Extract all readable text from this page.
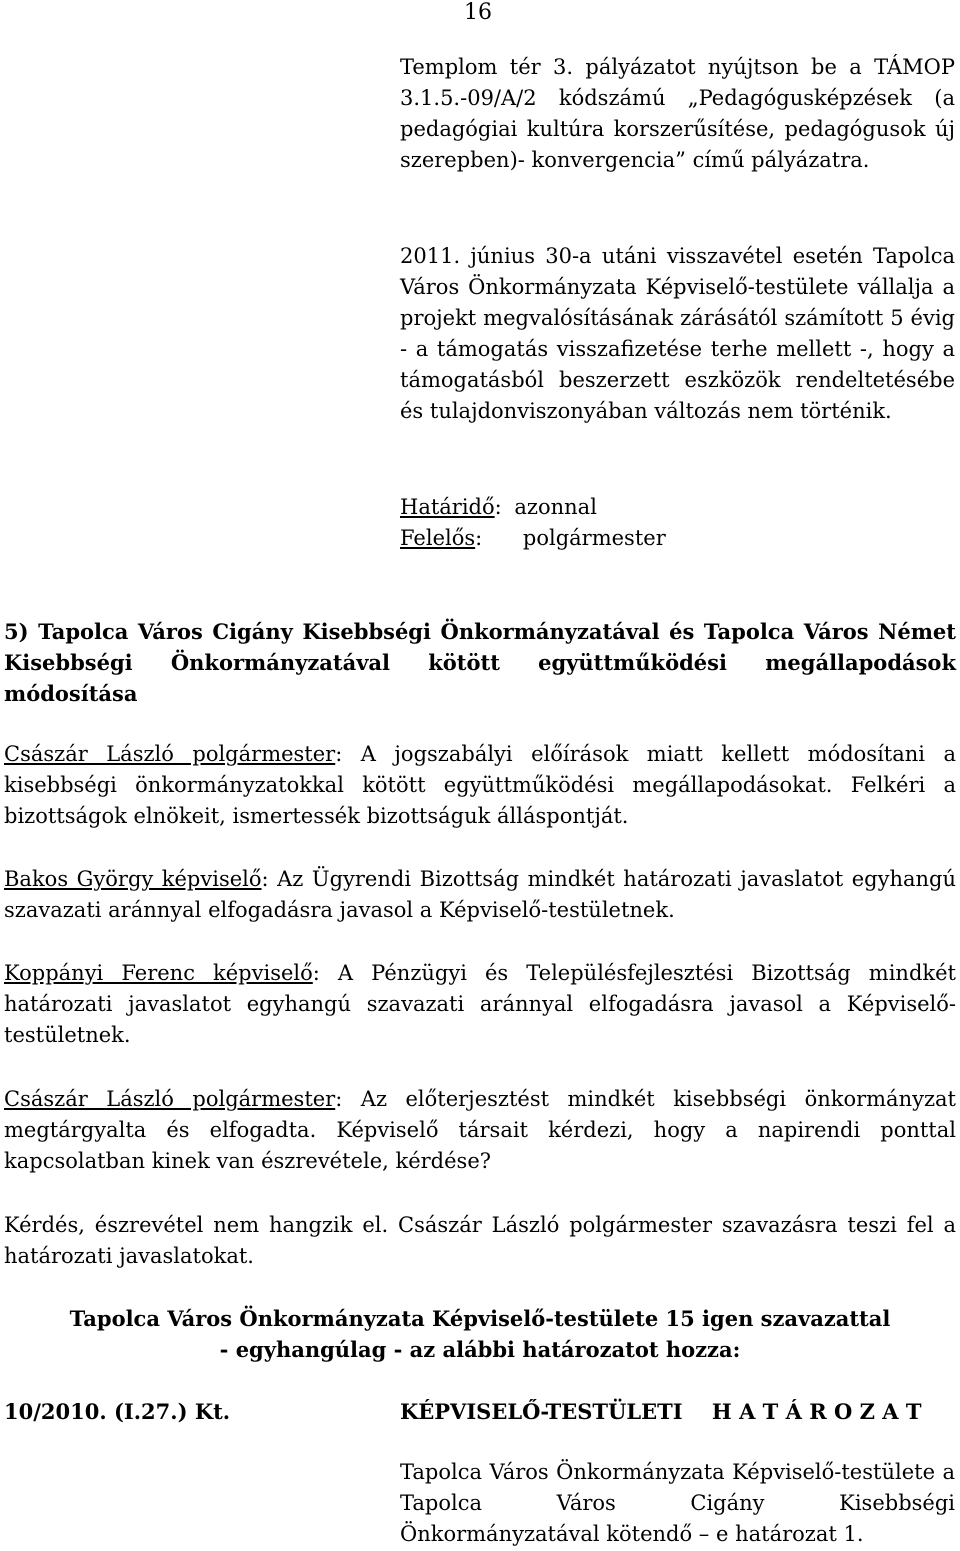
16

Templom tér 3. pályázatot nyújtson be a TÁMOP 3.1.5.-09/A/2 kódszámú „Pedagógusképzések (a pedagógiai kultúra korszerűsítése, pedagógusok új szerepben)- konvergencia” című pályázatra.

2011. június 30-a utáni visszavétel esetén Tapolca Város Önkormányzata Képviselő-testülete vállalja a projekt megvalósításának zárásától számított 5 évig - a támogatás visszafizetése terhe mellett -, hogy a támogatásból beszerzett eszközök rendeltetésébe és tulajdonviszonyában változás nem történik.

Határidő: azonnal
Felelős: polgármester

5) Tapolca Város Cigány Kisebbségi Önkormányzatával és Tapolca Város Német Kisebbségi Önkormányzatával kötött együttműködési megállapodások módosítása

Császár László polgármester: A jogszabályi előírások miatt kellett módosítani a kisebbségi önkormányzatokkal kötött együttműködési megállapodásokat. Felkéri a bizottságok elnökeit, ismertessék bizottságuk álláspontját.

Bakos György képviselő: Az Ügyrendi Bizottság mindkét határozati javaslatot egyhangú szavazati aránnyal elfogadásra javasol a Képviselő-testületnek.

Koppányi Ferenc képviselő: A Pénzügyi és Településfejlesztési Bizottság mindkét határozati javaslatot egyhangú szavazati aránnyal elfogadásra javasol a Képviselő-testületnek.

Császár László polgármester: Az előterjesztést mindkét kisebbségi önkormányzat megtárgyalta és elfogadta. Képviselő társait kérdezi, hogy a napirendi ponttal kapcsolatban kinek van észrevétele, kérdése?

Kérdés, észrevétel nem hangzik el. Császár László polgármester szavazásra teszi fel a határozati javaslatokat.

Tapolca Város Önkormányzata Képviselő-testülete 15 igen szavazattal
- egyhangúlag - az alábbi határozatot hozza:
10/2010. (I.27.) Kt.	KÉPVISELŐ-TESTÜLETI H A T Á R O Z A T

Tapolca Város Önkormányzata Képviselő-testülete a Tapolca Város Cigány Kisebbségi Önkormányzatával kötendő – e határozat 1.
